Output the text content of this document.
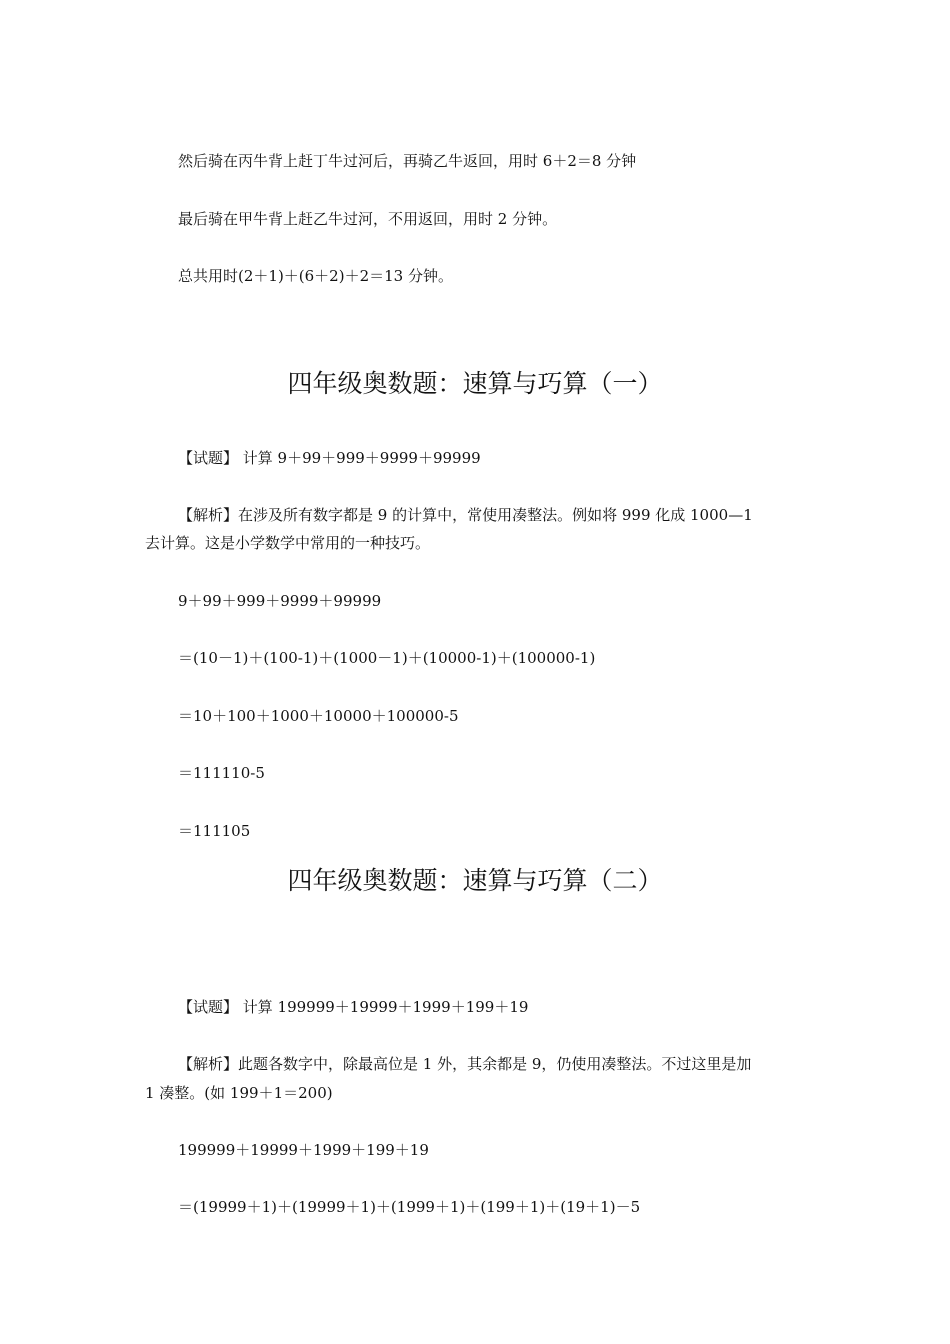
然后骑在丙牛背上赶丁牛过河后，再骑乙牛返回，用时 6＋2＝8 分钟
最后骑在甲牛背上赶乙牛过河，不用返回，用时 2 分钟。
总共用时(2＋1)＋(6＋2)＋2＝13 分钟。
四年级奥数题：速算与巧算（一）
【试题】 计算 9＋99＋999＋9999＋99999
【解析】在涉及所有数字都是 9 的计算中，常使用凑整法。例如将 999 化成 1000—1
去计算。这是小学数学中常用的一种技巧。
9＋99＋999＋9999＋99999
＝(10－1)＋(100-1)＋(1000－1)＋(10000-1)＋(100000-1)
＝10＋100＋1000＋10000＋100000-5
＝111110-5
＝111105
四年级奥数题：速算与巧算（二）
【试题】 计算 199999＋19999＋1999＋199＋19
【解析】此题各数字中，除最高位是 1 外，其余都是 9，仍使用凑整法。不过这里是加
1 凑整。(如 199＋1＝200)
199999＋19999＋1999＋199＋19
＝(19999＋1)＋(19999＋1)＋(1999＋1)＋(199＋1)＋(19＋1)－5
